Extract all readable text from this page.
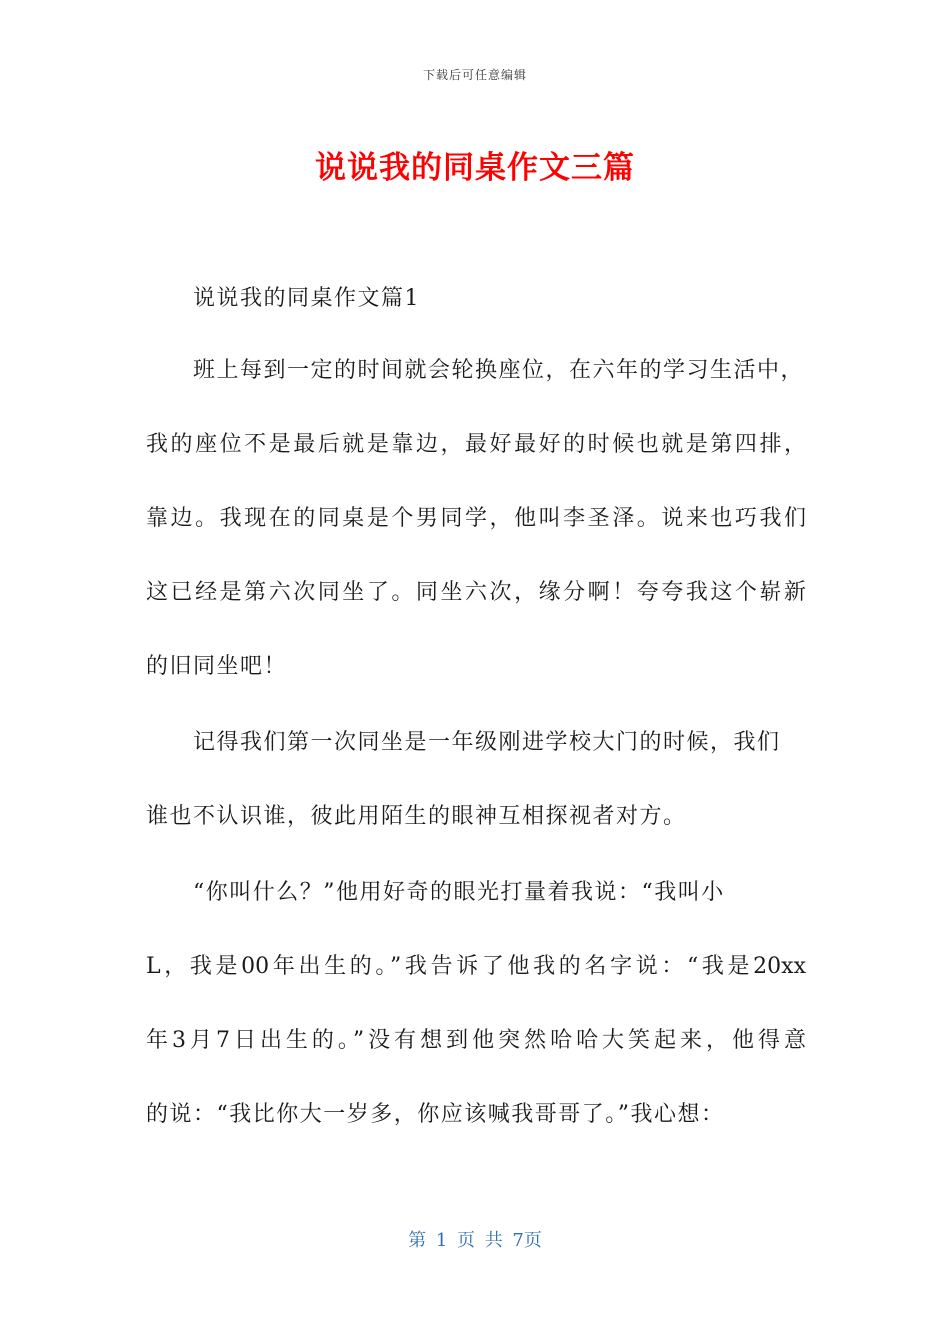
下载后可任意编辑
说说我的同桌作文三篇
说说我的同桌作文篇1
班上每到一定的时间就会轮换座位，在六年的学习生活中，
我的座位不是最后就是靠边，最好最好的时候也就是第四排，
靠边。我现在的同桌是个男同学，他叫李圣泽。说来也巧我们
这已经是第六次同坐了。同坐六次，缘分啊！夸夸我这个崭新
的旧同坐吧！
记得我们第一次同坐是一年级刚进学校大门的时候，我们
谁也不认识谁，彼此用陌生的眼神互相探视者对方。
“你叫什么？”他用好奇的眼光打量着我说：“我叫小
L，我是00年出生的。”我告诉了他我的名字说：“我是20xx
年3月7日出生的。”没有想到他突然哈哈大笑起来，他得意
的说：“我比你大一岁多，你应该喊我哥哥了。”我心想：
第 1 页 共 7页
